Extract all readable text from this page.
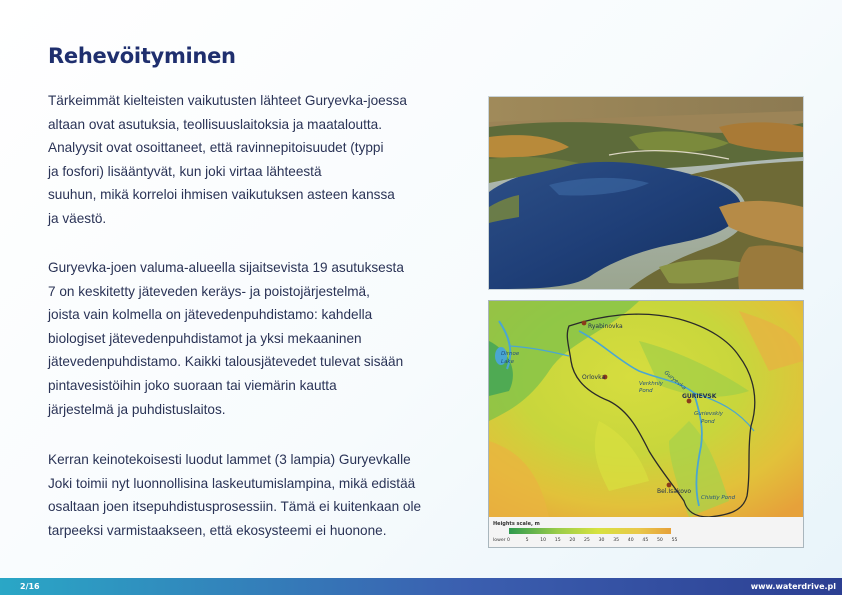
Rehevöityminen
Tärkeimmät kielteisten vaikutusten lähteet Guryevka-joessa
altaan ovat asutuksia, teollisuuslaitoksia ja maataloutta.
Analyysit ovat osoittaneet, että ravinnepitoisuudet (typpi
ja fosfori) lisääntyvät, kun joki virtaa lähteestä
suuhun, mikä korreloi ihmisen vaikutuksen asteen kanssa
ja väestö.
Guryevka-joen valuma-alueella sijaitsevista 19 asutuksesta
7 on keskitetty jäteveden keräys- ja poistojärjestelmä,
joista vain kolmella on jätevedenpuhdistamo: kahdella
biologiset jätevedenpuhdistamot ja yksi mekaaninen
jätevedenpuhdistamo. Kaikki talousjätevedet tulevat sisään
pintavesistöihin joko suoraan tai viemärin kautta
järjestelmä ja puhdistuslaitos.
Kerran keinotekoisesti luodut lammet (3 lampia) Guryevkalle
Joki toimii nyt luonnollisina laskeutumislampina, mikä edistää
osaltaan joen itsepuhdistusprosessiin. Tämä ei kuitenkaan ole
tarpeeksi varmistaakseen, että ekosysteemi ei huonone.
Ryabinovka
Dirnoe
Lake
Orlovka
Verkhniy
Pond Guryevka
GURIEVSK
Gurievskiy
Pond
Bel.Isakovo
Chistiy Pond
Heights scale, m
lower 0	5	10 15 20 25 30 35 40 45 50 55
2/16	www.waterdrive.pl
